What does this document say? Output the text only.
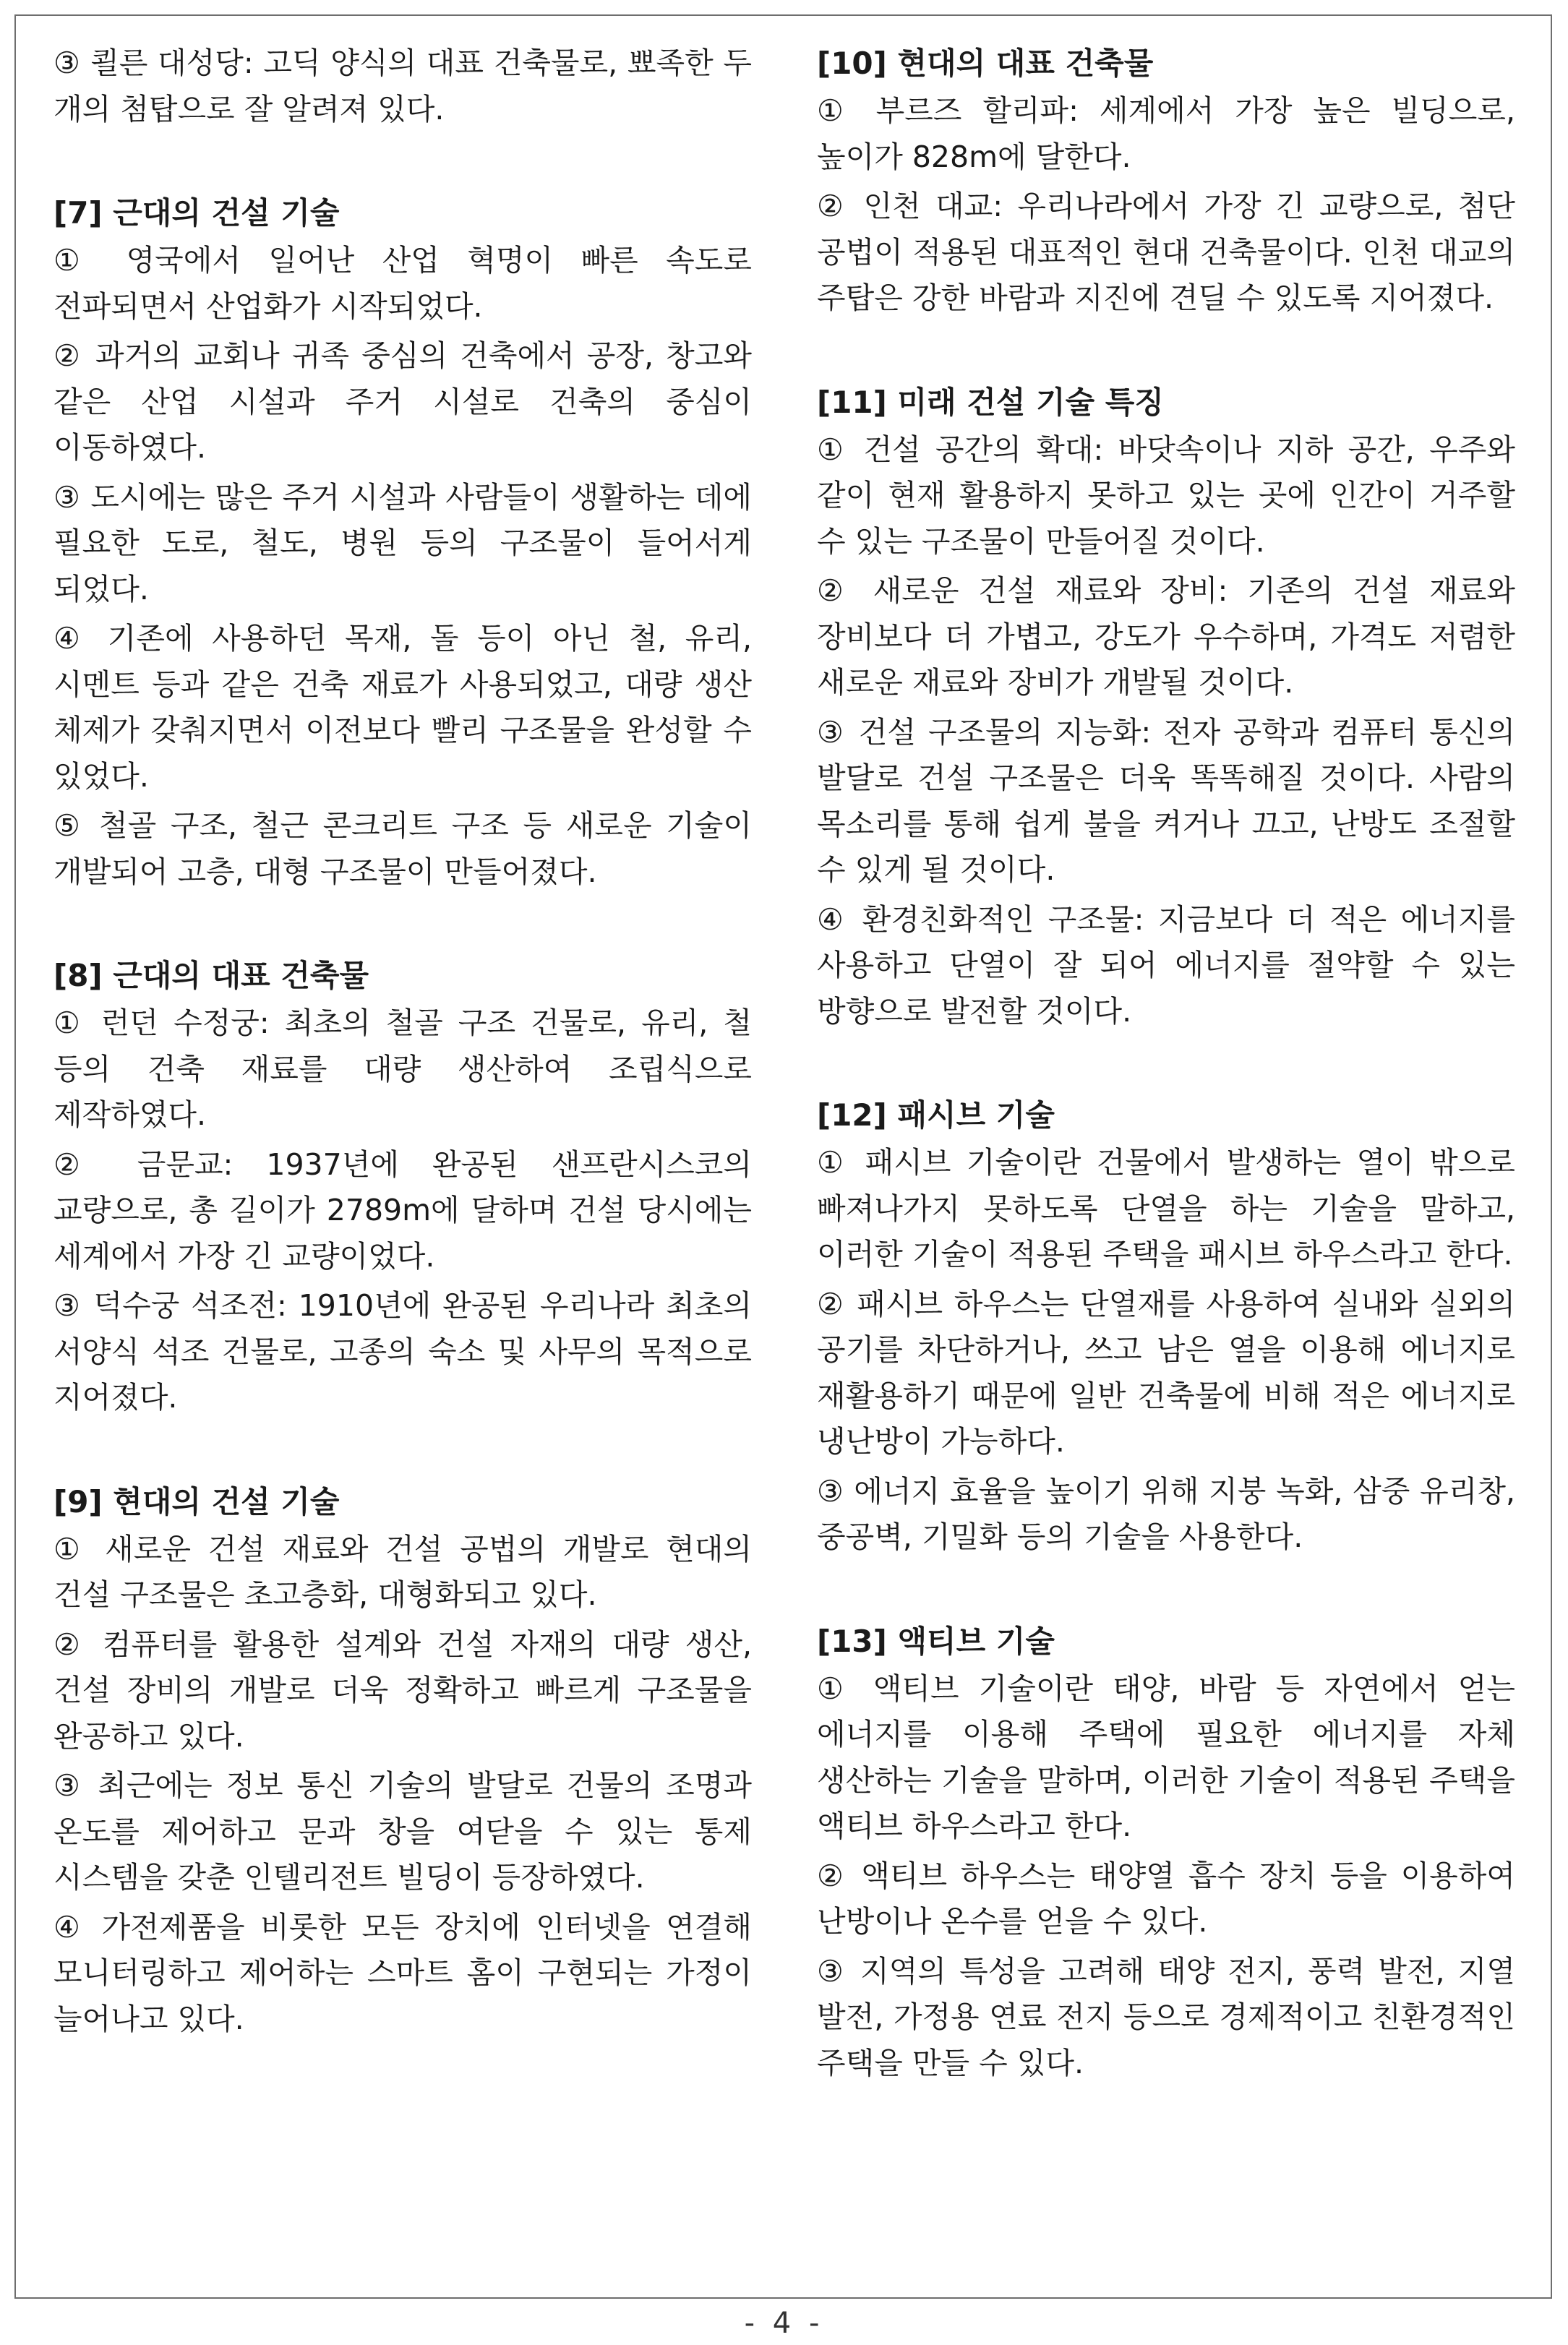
③ 쾰른 대성당: 고딕 양식의 대표 건축물로, 뾰족한 두 개의 첨탑으로 잘 알려져 있다.
[7] 근대의 건설 기술
① 영국에서 일어난 산업 혁명이 빠른 속도로 전파되면서 산업화가 시작되었다.
② 과거의 교회나 귀족 중심의 건축에서 공장, 창고와 같은 산업 시설과 주거 시설로 건축의 중심이 이동하였다.
③ 도시에는 많은 주거 시설과 사람들이 생활하는 데에 필요한 도로, 철도, 병원 등의 구조물이 들어서게 되었다.
④ 기존에 사용하던 목재, 돌 등이 아닌 철, 유리, 시멘트 등과 같은 건축 재료가 사용되었고, 대량 생산 체제가 갖춰지면서 이전보다 빨리 구조물을 완성할 수 있었다.
⑤ 철골 구조, 철근 콘크리트 구조 등 새로운 기술이 개발되어 고층, 대형 구조물이 만들어졌다.
[8] 근대의 대표 건축물
① 런던 수정궁: 최초의 철골 구조 건물로, 유리, 철 등의 건축 재료를 대량 생산하여 조립식으로 제작하였다.
② 금문교: 1937년에 완공된 샌프란시스코의 교량으로, 총 길이가 2789m에 달하며 건설 당시에는 세계에서 가장 긴 교량이었다.
③ 덕수궁 석조전: 1910년에 완공된 우리나라 최초의 서양식 석조 건물로, 고종의 숙소 및 사무의 목적으로 지어졌다.
[9] 현대의 건설 기술
① 새로운 건설 재료와 건설 공법의 개발로 현대의 건설 구조물은 초고층화, 대형화되고 있다.
② 컴퓨터를 활용한 설계와 건설 자재의 대량 생산, 건설 장비의 개발로 더욱 정확하고 빠르게 구조물을 완공하고 있다.
③ 최근에는 정보 통신 기술의 발달로 건물의 조명과 온도를 제어하고 문과 창을 여닫을 수 있는 통제 시스템을 갖춘 인텔리전트 빌딩이 등장하였다.
④ 가전제품을 비롯한 모든 장치에 인터넷을 연결해 모니터링하고 제어하는 스마트 홈이 구현되는 가정이 늘어나고 있다.
[10] 현대의 대표 건축물
① 부르즈 할리파: 세계에서 가장 높은 빌딩으로, 높이가 828m에 달한다.
② 인천 대교: 우리나라에서 가장 긴 교량으로, 첨단 공법이 적용된 대표적인 현대 건축물이다. 인천 대교의 주탑은 강한 바람과 지진에 견딜 수 있도록 지어졌다.
[11] 미래 건설 기술 특징
① 건설 공간의 확대: 바닷속이나 지하 공간, 우주와 같이 현재 활용하지 못하고 있는 곳에 인간이 거주할 수 있는 구조물이 만들어질 것이다.
② 새로운 건설 재료와 장비: 기존의 건설 재료와 장비보다 더 가볍고, 강도가 우수하며, 가격도 저렴한 새로운 재료와 장비가 개발될 것이다.
③ 건설 구조물의 지능화: 전자 공학과 컴퓨터 통신의 발달로 건설 구조물은 더욱 똑똑해질 것이다. 사람의 목소리를 통해 쉽게 불을 켜거나 끄고, 난방도 조절할 수 있게 될 것이다.
④ 환경친화적인 구조물: 지금보다 더 적은 에너지를 사용하고 단열이 잘 되어 에너지를 절약할 수 있는 방향으로 발전할 것이다.
[12] 패시브 기술
① 패시브 기술이란 건물에서 발생하는 열이 밖으로 빠져나가지 못하도록 단열을 하는 기술을 말하고, 이러한 기술이 적용된 주택을 패시브 하우스라고 한다.
② 패시브 하우스는 단열재를 사용하여 실내와 실외의 공기를 차단하거나, 쓰고 남은 열을 이용해 에너지로 재활용하기 때문에 일반 건축물에 비해 적은 에너지로 냉난방이 가능하다.
③ 에너지 효율을 높이기 위해 지붕 녹화, 삼중 유리창, 중공벽, 기밀화 등의 기술을 사용한다.
[13] 액티브 기술
① 액티브 기술이란 태양, 바람 등 자연에서 얻는 에너지를 이용해 주택에 필요한 에너지를 자체 생산하는 기술을 말하며, 이러한 기술이 적용된 주택을 액티브 하우스라고 한다.
② 액티브 하우스는 태양열 흡수 장치 등을 이용하여 난방이나 온수를 얻을 수 있다.
③ 지역의 특성을 고려해 태양 전지, 풍력 발전, 지열 발전, 가정용 연료 전지 등으로 경제적이고 친환경적인 주택을 만들 수 있다.
- 4 -
